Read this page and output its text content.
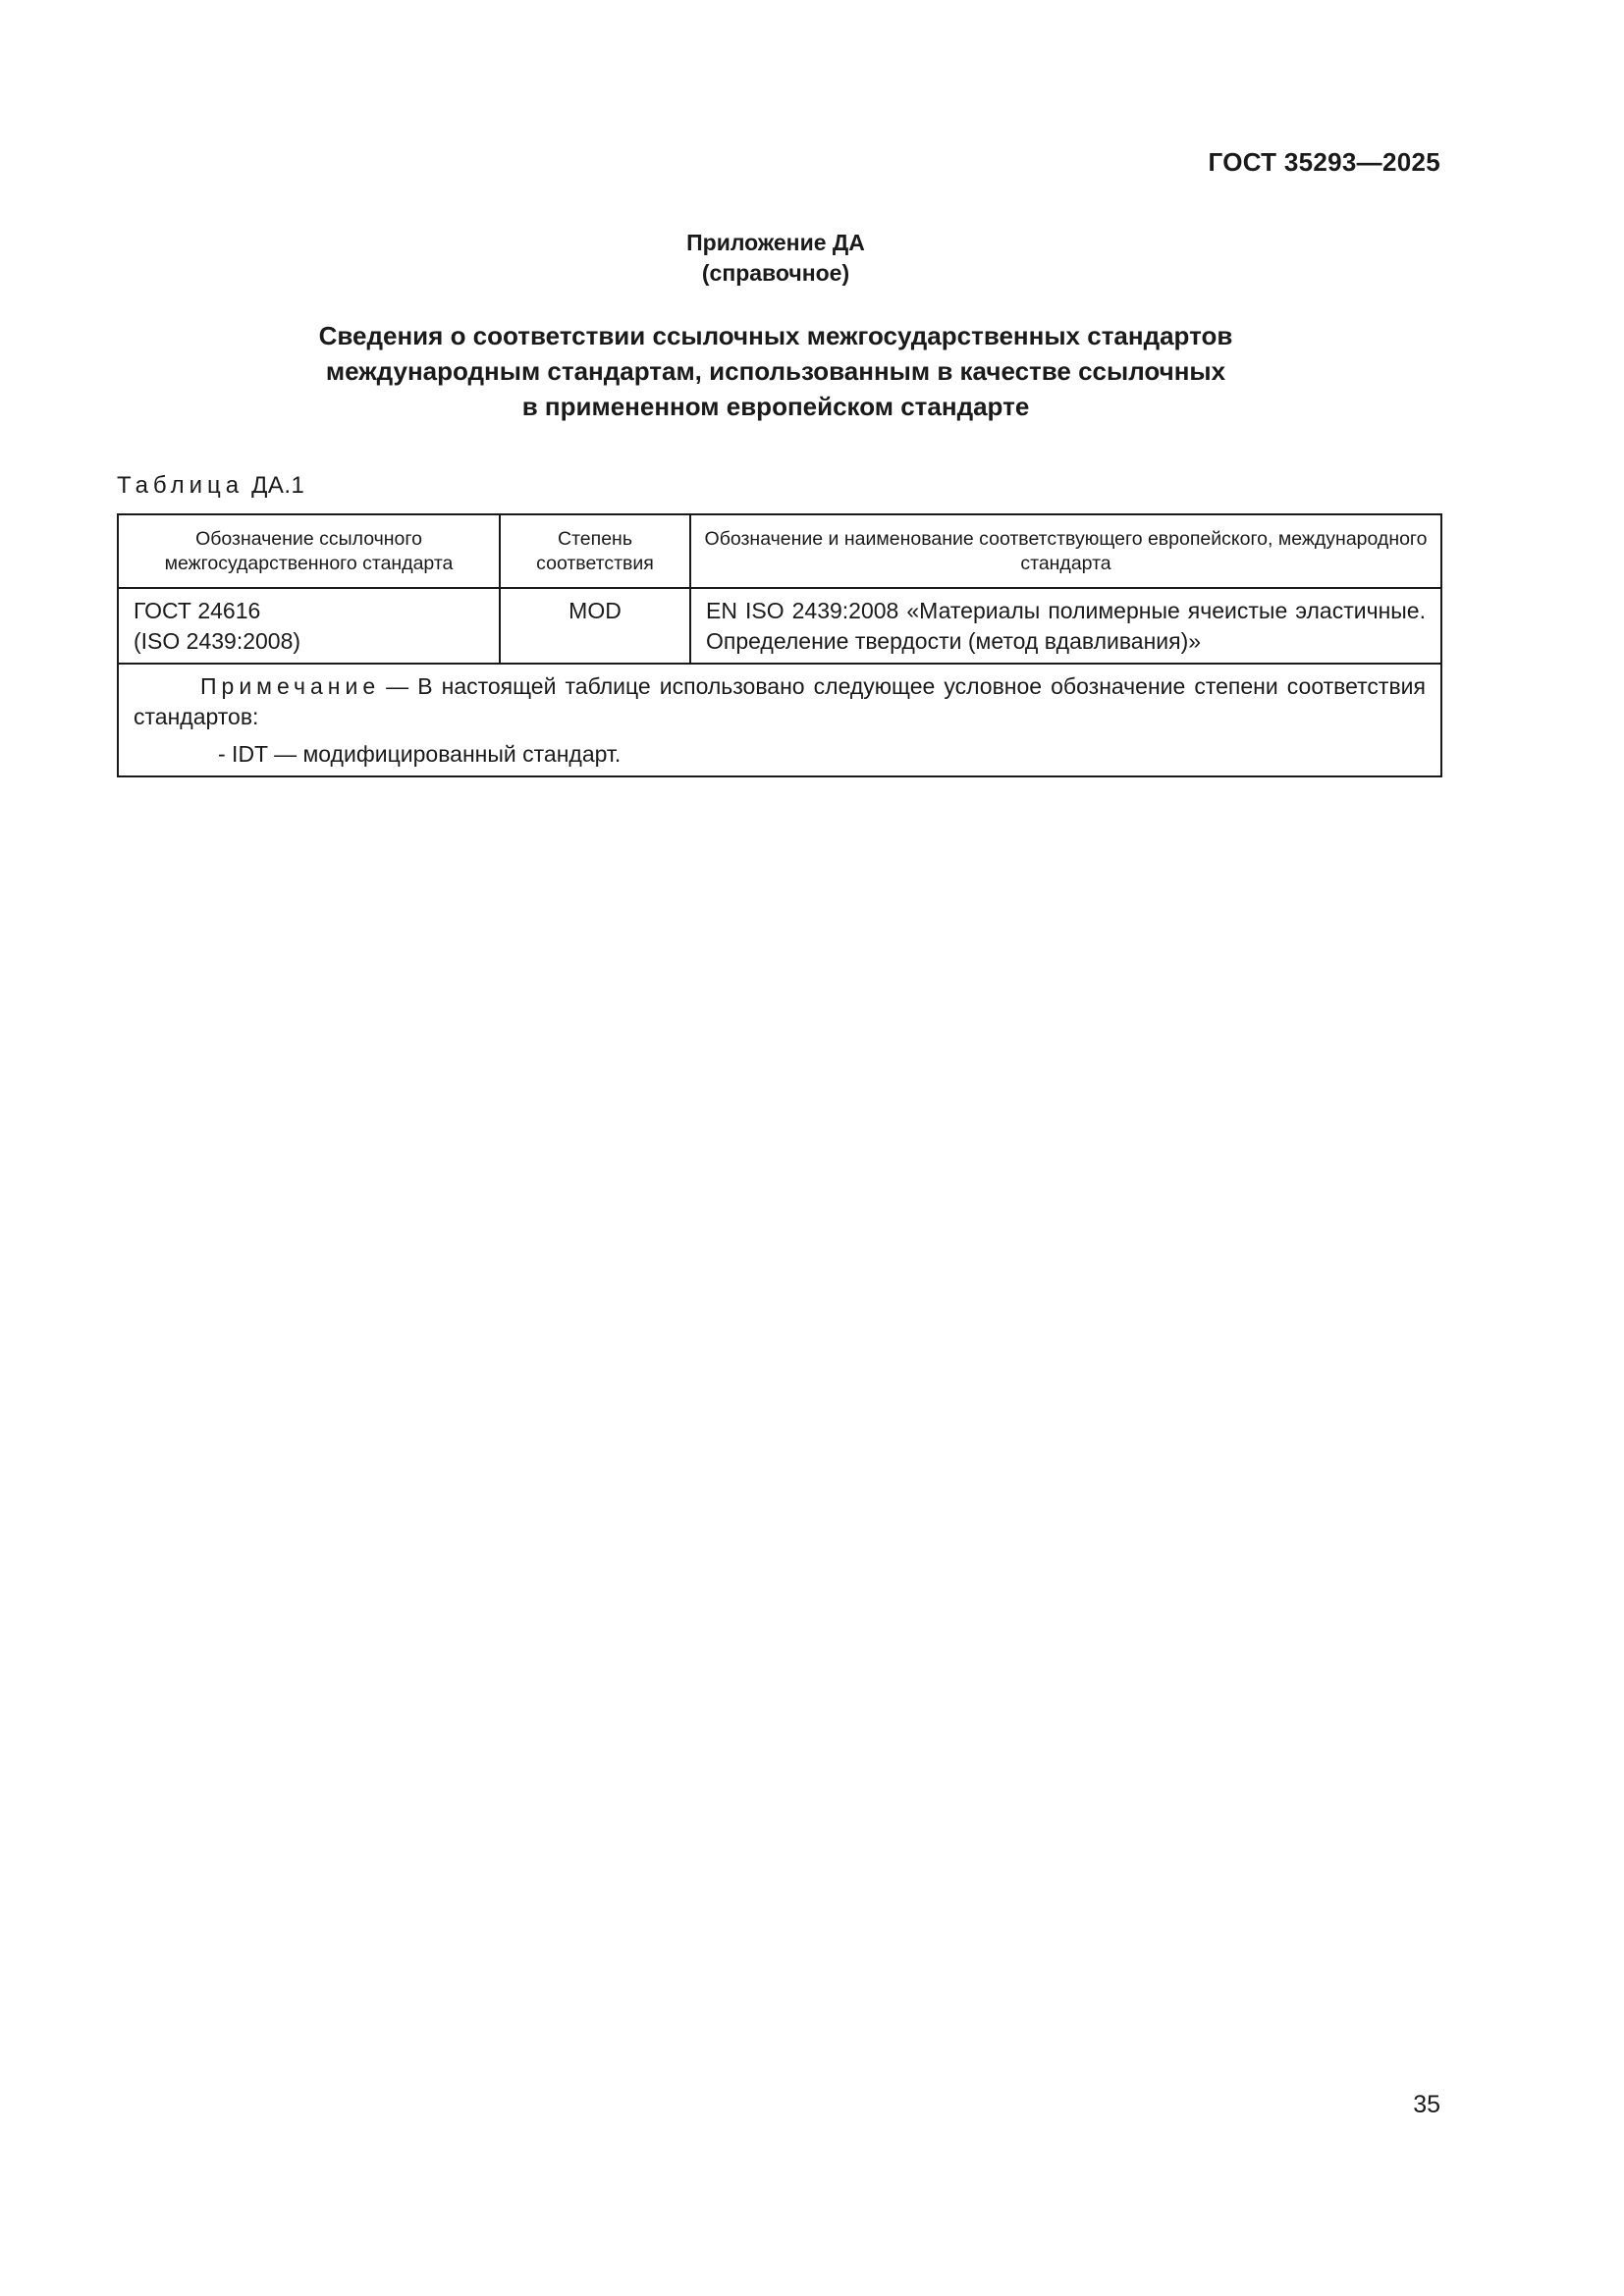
ГОСТ 35293—2025
Приложение ДА
(справочное)
Сведения о соответствии ссылочных межгосударственных стандартов
международным стандартам, использованным в качестве ссылочных
в примененном европейском стандарте
Таблица ДА.1
Обозначение ссылочного межгосударственного стандарта	Степень соответствия	Обозначение и наименование соответствующего европейского, международного стандарта

ГОСТ 24616
(ISO 2439:2008)	MOD	EN ISO 2439:2008 «Материалы полимерные ячеистые эластичные. Определение твердости (метод вдавливания)»

Примечание — В настоящей таблице использовано следующее условное обозначение степени соответствия стандартов:
- IDT — модифицированный стандарт.		
35
